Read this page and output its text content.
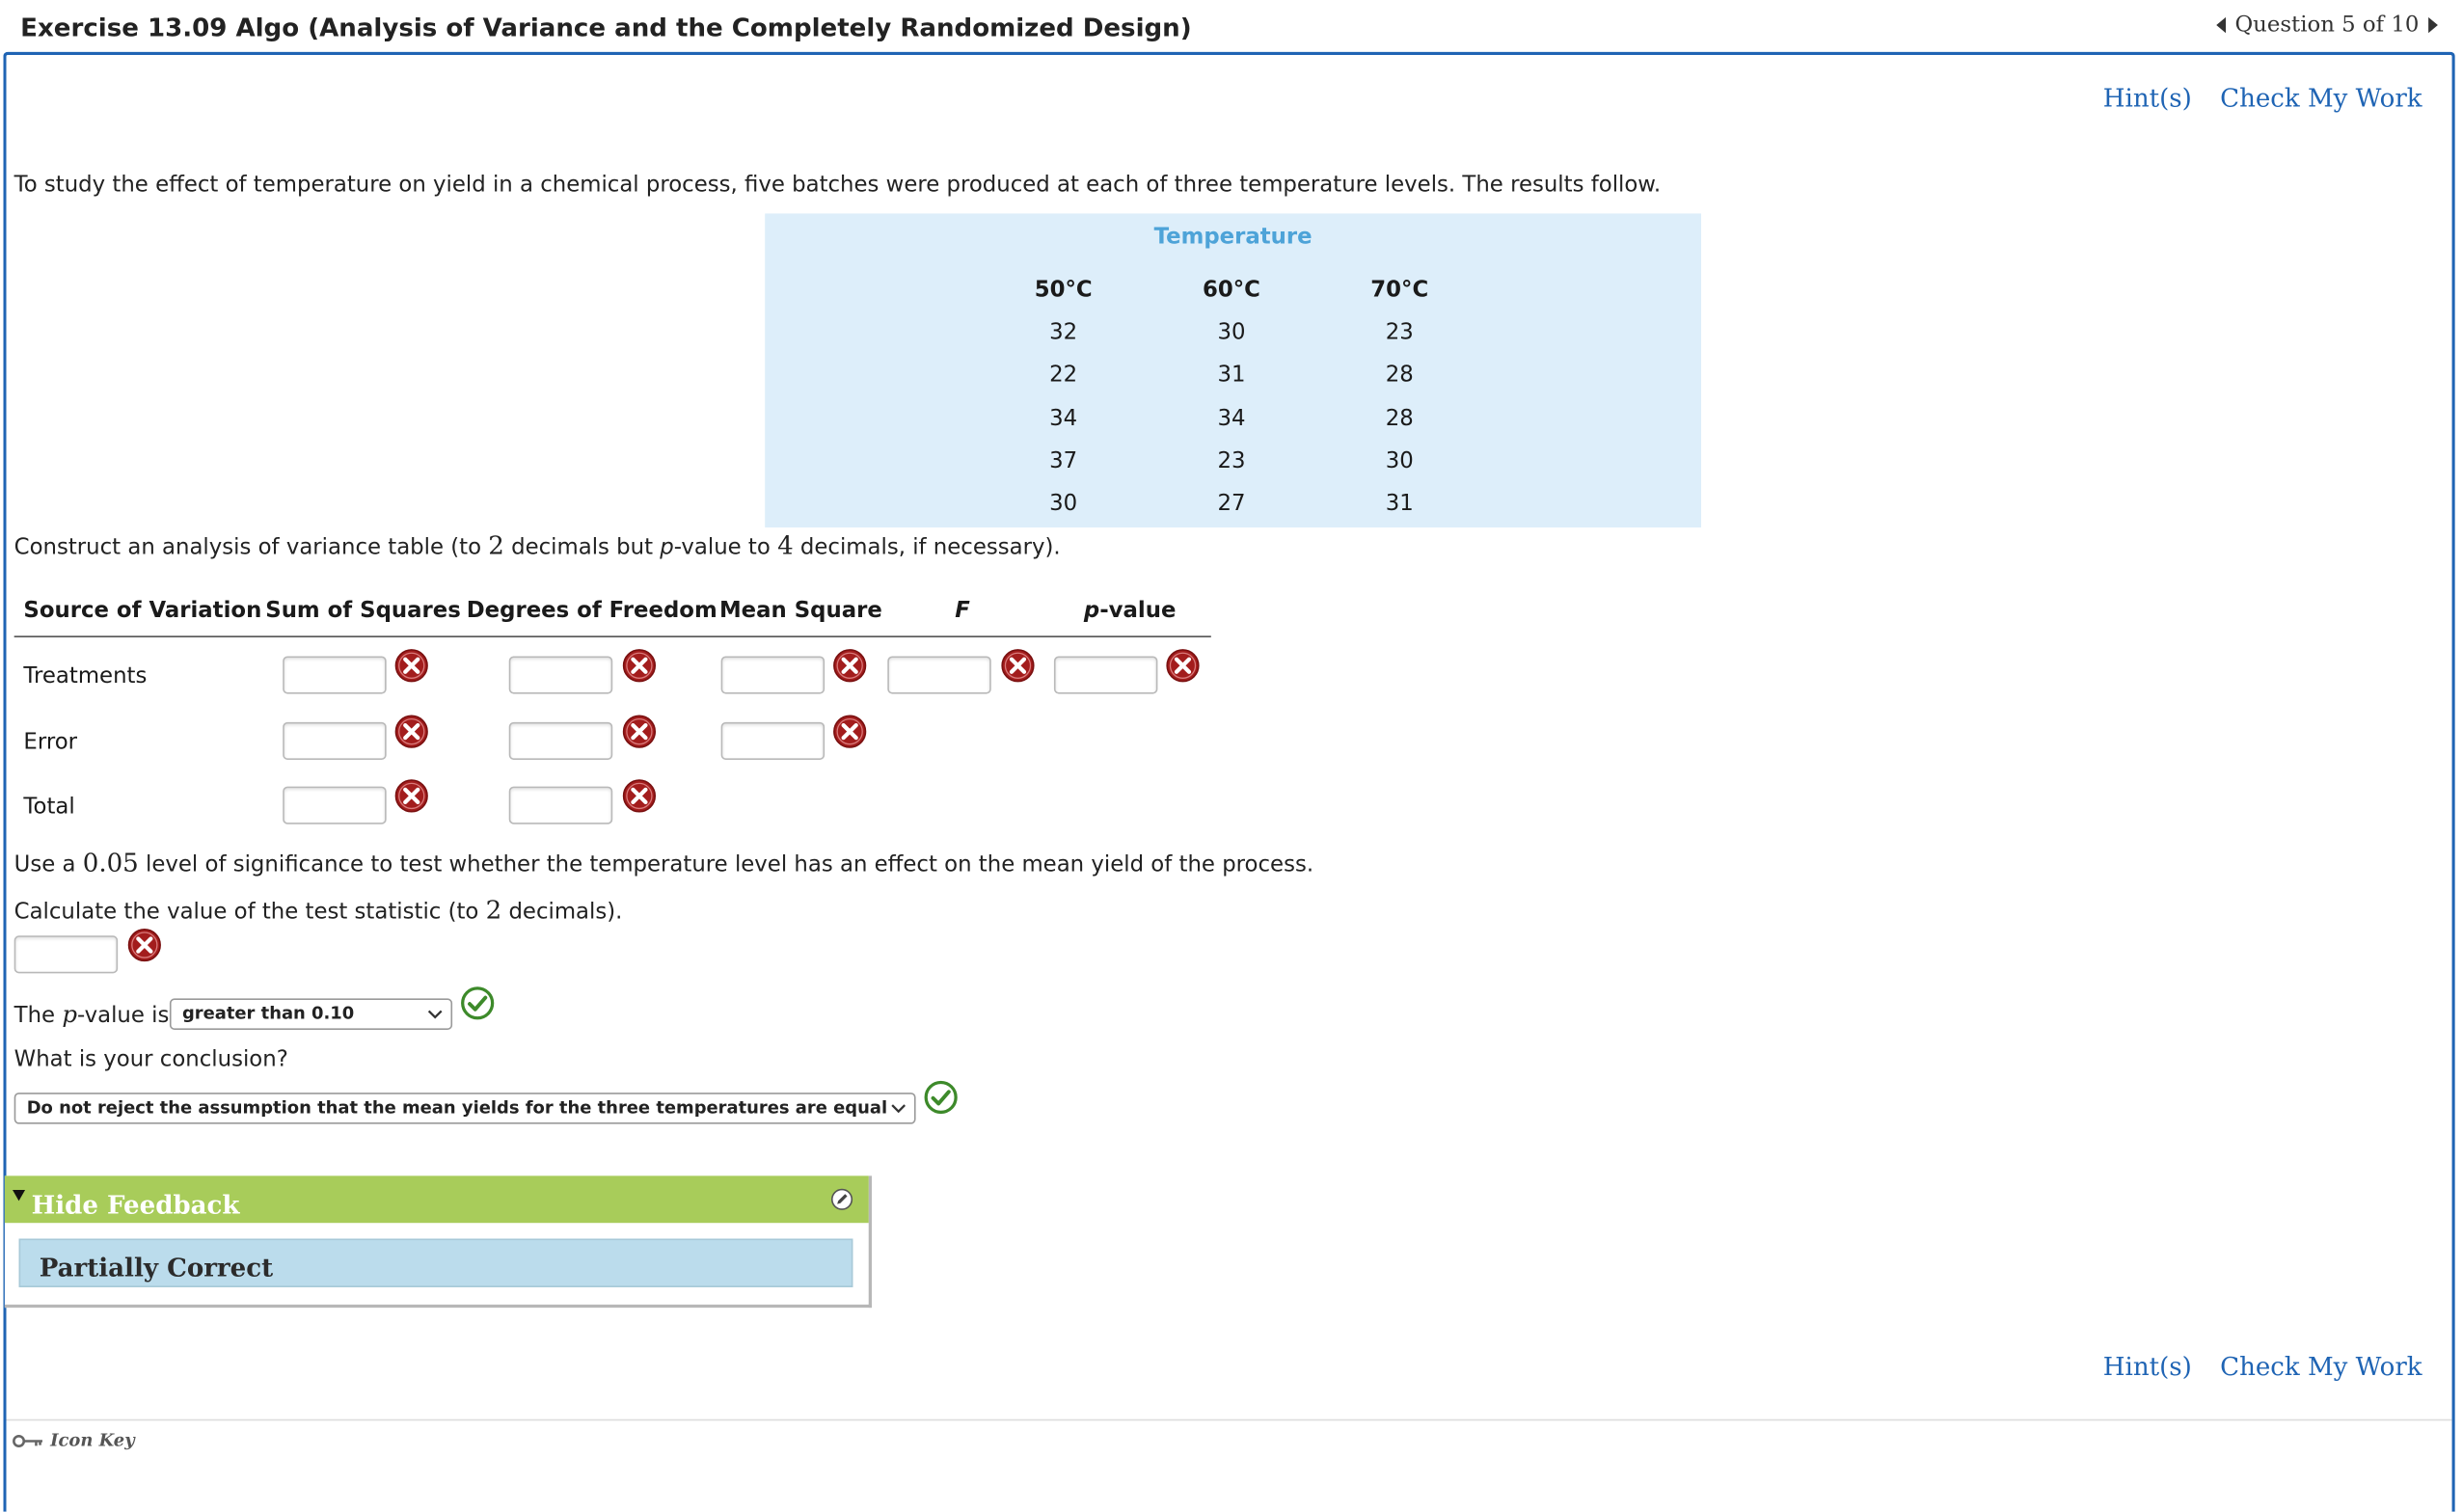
Exercise 13.09 Algo (Analysis of Variance and the Completely Randomized Design)	Question 5 of 10
Hint(s) Check My Work
To study the effect of temperature on yield in a chemical process, five batches were produced at each of three temperature levels. The results follow.
Temperature
50°C	60°C	70°C
32	30	23
22	31	28
34	34	28
37	23	30
30	27	31
Construct an analysis of variance table (to 2 decimals but p-value to 4 decimals, if necessary).
Source of Variation Sum of Squares Degrees of Freedom Mean Square	F	p-value
Treatments
Error
Total
Use a 0.05 level of significance to test whether the temperature level has an effect on the mean yield of the process.
Calculate the value of the test statistic (to 2 decimals).
The p-value is	greater than 0.10
What is your conclusion?
Do not reject the assumption that the mean yields for the three temperatures are equal
Hide Feedback
Partially Correct
Hint(s) Check My Work
Icon Key
